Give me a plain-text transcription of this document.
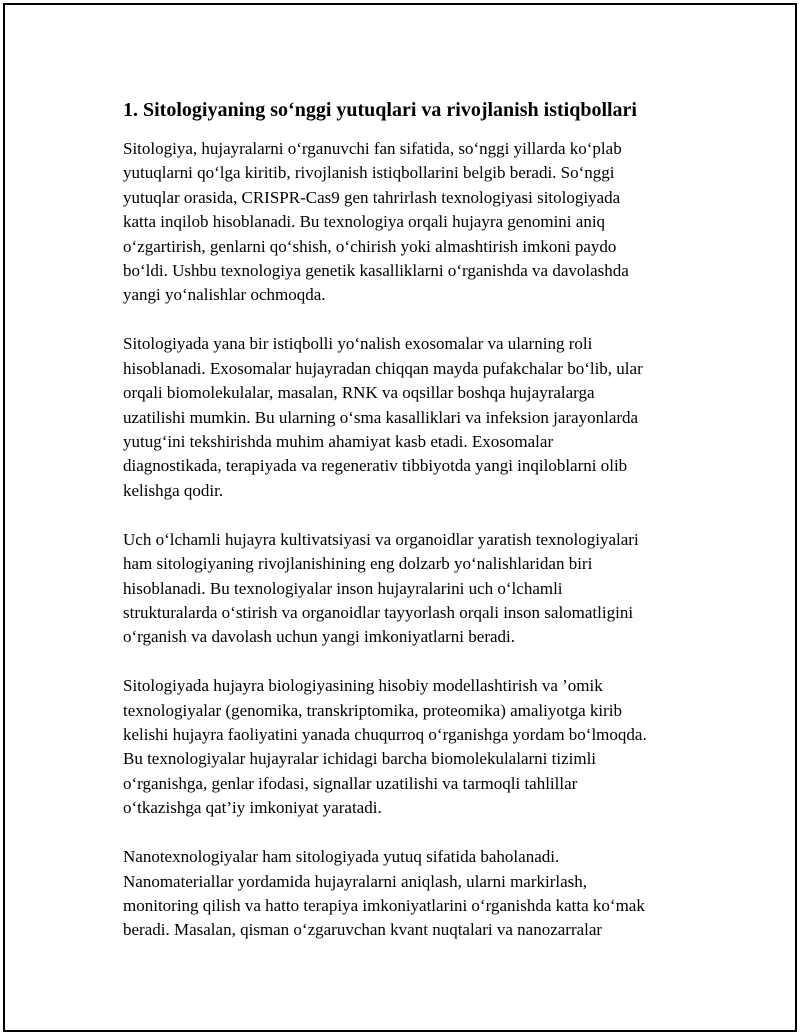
1. Sitologiyaning so‘nggi yutuqlari va rivojlanish istiqbollari

Sitologiya, hujayralarni o‘rganuvchi fan sifatida, so‘nggi yillarda ko‘plab
yutuqlarni qo‘lga kiritib, rivojlanish istiqbollarini belgib beradi. So‘nggi
yutuqlar orasida, CRISPR-Cas9 gen tahrirlash texnologiyasi sitologiyada
katta inqilob hisoblanadi. Bu texnologiya orqali hujayra genomini aniq
o‘zgartirish, genlarni qo‘shish, o‘chirish yoki almashtirish imkoni paydo
bo‘ldi. Ushbu texnologiya genetik kasalliklarni o‘rganishda va davolashda
yangi yo‘nalishlar ochmoqda.

Sitologiyada yana bir istiqbolli yo‘nalish exosomalar va ularning roli
hisoblanadi. Exosomalar hujayradan chiqqan mayda pufakchalar bo‘lib, ular
orqali biomolekulalar, masalan, RNK va oqsillar boshqa hujayralarga
uzatilishi mumkin. Bu ularning o‘sma kasalliklari va infeksion jarayonlarda
yutug‘ini tekshirishda muhim ahamiyat kasb etadi. Exosomalar
diagnostikada, terapiyada va regenerativ tibbiyotda yangi inqiloblarni olib
kelishga qodir.

Uch o‘lchamli hujayra kultivatsiyasi va organoidlar yaratish texnologiyalari
ham sitologiyaning rivojlanishining eng dolzarb yo‘nalishlaridan biri
hisoblanadi. Bu texnologiyalar inson hujayralarini uch o‘lchamli
strukturalarda o‘stirish va organoidlar tayyorlash orqali inson salomatligini
o‘rganish va davolash uchun yangi imkoniyatlarni beradi.

Sitologiyada hujayra biologiyasining hisobiy modellashtirish va ’omik
texnologiyalar (genomika, transkriptomika, proteomika) amaliyotga kirib
kelishi hujayra faoliyatini yanada chuqurroq o‘rganishga yordam bo‘lmoqda.
Bu texnologiyalar hujayralar ichidagi barcha biomolekulalarni tizimli
o‘rganishga, genlar ifodasi, signallar uzatilishi va tarmoqli tahlillar
o‘tkazishga qat’iy imkoniyat yaratadi.

Nanotexnologiyalar ham sitologiyada yutuq sifatida baholanadi.
Nanomateriallar yordamida hujayralarni aniqlash, ularni markirlash,
monitoring qilish va hatto terapiya imkoniyatlarini o‘rganishda katta ko‘mak
beradi. Masalan, qisman o‘zgaruvchan kvant nuqtalari va nanozarralar
